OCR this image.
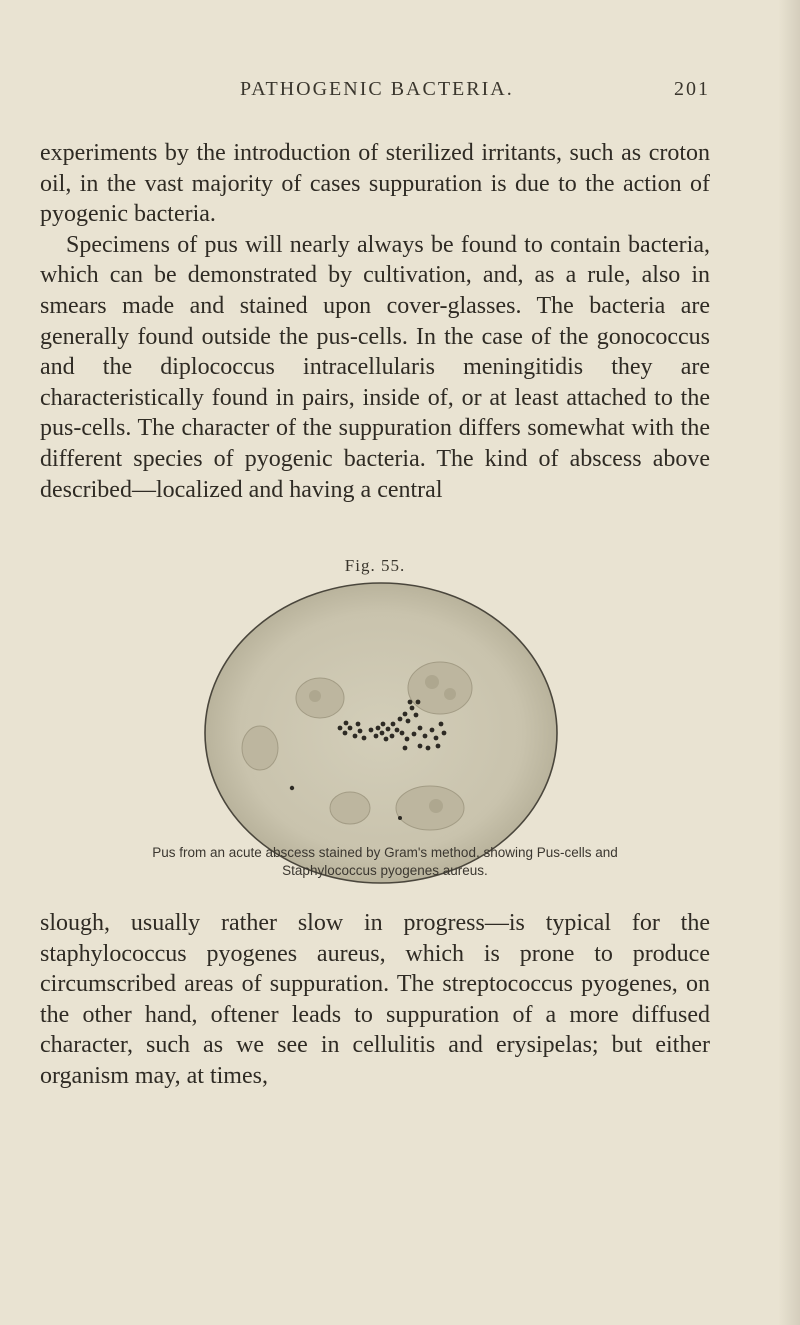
PATHOGENIC BACTERIA.	201

experiments by the introduction of sterilized irritants, such as croton oil, in the vast majority of cases suppuration is due to the action of pyogenic bacteria.

Specimens of pus will nearly always be found to contain bacteria, which can be demonstrated by cultivation, and, as a rule, also in smears made and stained upon cover-glasses. The bacteria are generally found outside the pus-cells. In the case of the gonococcus and the diplococcus intracellularis meningitidis they are characteristically found in pairs, inside of, or at least attached to the pus-cells. The character of the suppuration differs somewhat with the different species of pyogenic bacteria. The kind of abscess above described—localized and having a central

Fig. 55.
Pus from an acute abscess stained by Gram's method, showing Pus-cells and
Staphylococcus pyogenes aureus.

slough, usually rather slow in progress—is typical for the staphylococcus pyogenes aureus, which is prone to produce circumscribed areas of suppuration. The streptococcus pyogenes, on the other hand, oftener leads to suppuration of a more diffused character, such as we see in cellulitis and erysipelas; but either organism may, at times,
